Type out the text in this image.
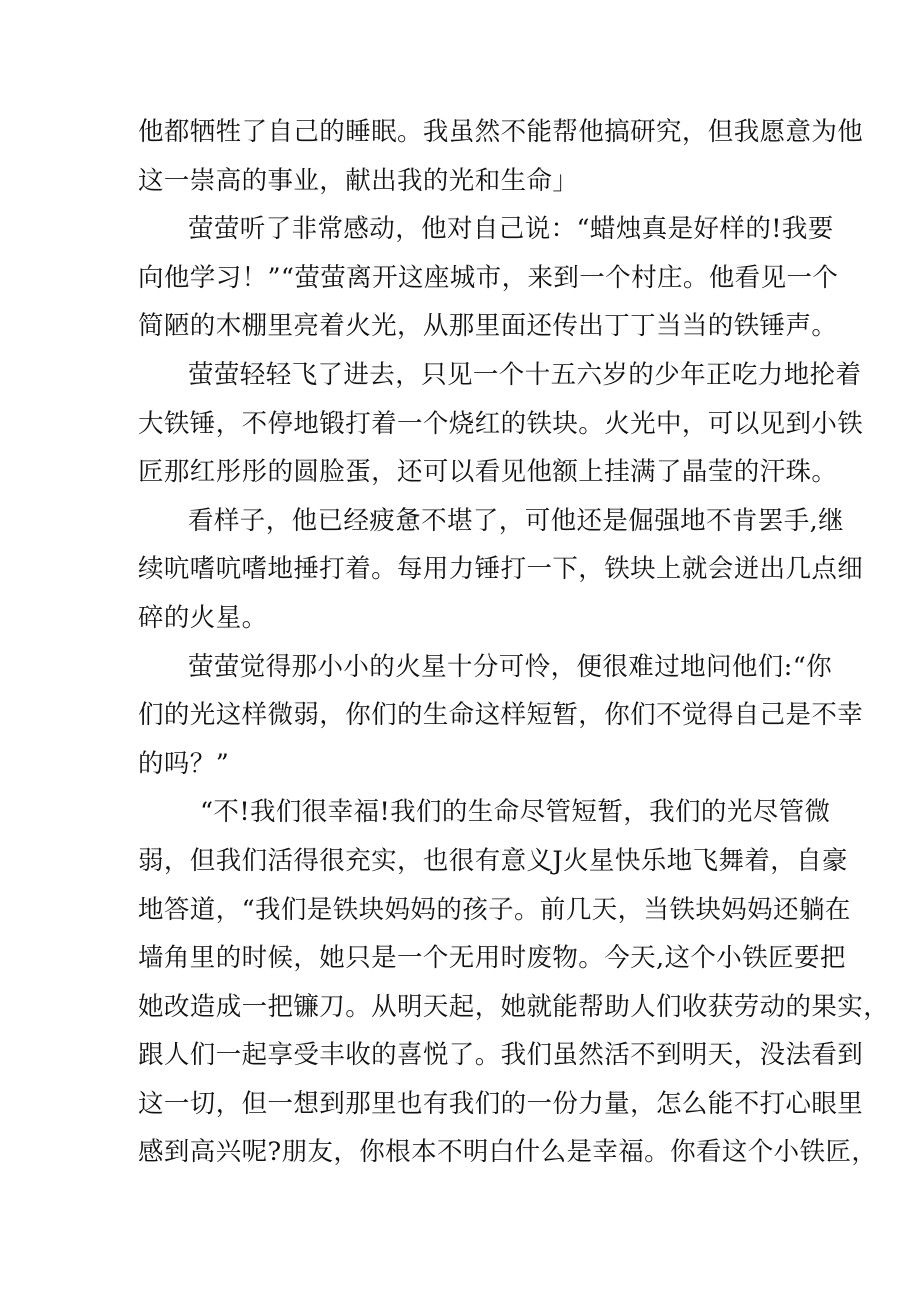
他都牺牲了自己的睡眠。我虽然不能帮他搞研究，但我愿意为他
这一崇高的事业，献出我的光和生命」
萤萤听了非常感动，他对自己说：“蜡烛真是好样的!我要
向他学习！”“萤萤离开这座城市，来到一个村庄。他看见一个
简陋的木棚里亮着火光，从那里面还传出丁丁当当的铁锤声。
萤萤轻轻飞了进去，只见一个十五六岁的少年正吃力地抡着
大铁锤，不停地锻打着一个烧红的铁块。火光中，可以见到小铁
匠那红彤彤的圆脸蛋，还可以看见他额上挂满了晶莹的汗珠。
看样子，他已经疲惫不堪了，可他还是倔强地不肯罢手,继
续吭嗜吭嗜地捶打着。每用力锤打一下，铁块上就会迸出几点细
碎的火星。
萤萤觉得那小小的火星十分可怜，便很难过地问他们:“你
们的光这样微弱，你们的生命这样短暂，你们不觉得自己是不幸
的吗？”
“不!我们很幸福!我们的生命尽管短暂，我们的光尽管微
弱，但我们活得很充实，也很有意义J火星快乐地飞舞着，自豪
地答道，“我们是铁块妈妈的孩子。前几天，当铁块妈妈还躺在
墙角里的时候，她只是一个无用时废物。今天,这个小铁匠要把
她改造成一把镰刀。从明天起，她就能帮助人们收获劳动的果实，
跟人们一起享受丰收的喜悦了。我们虽然活不到明天，没法看到
这一切，但一想到那里也有我们的一份力量，怎么能不打心眼里
感到高兴呢?朋友，你根本不明白什么是幸福。你看这个小铁匠，
